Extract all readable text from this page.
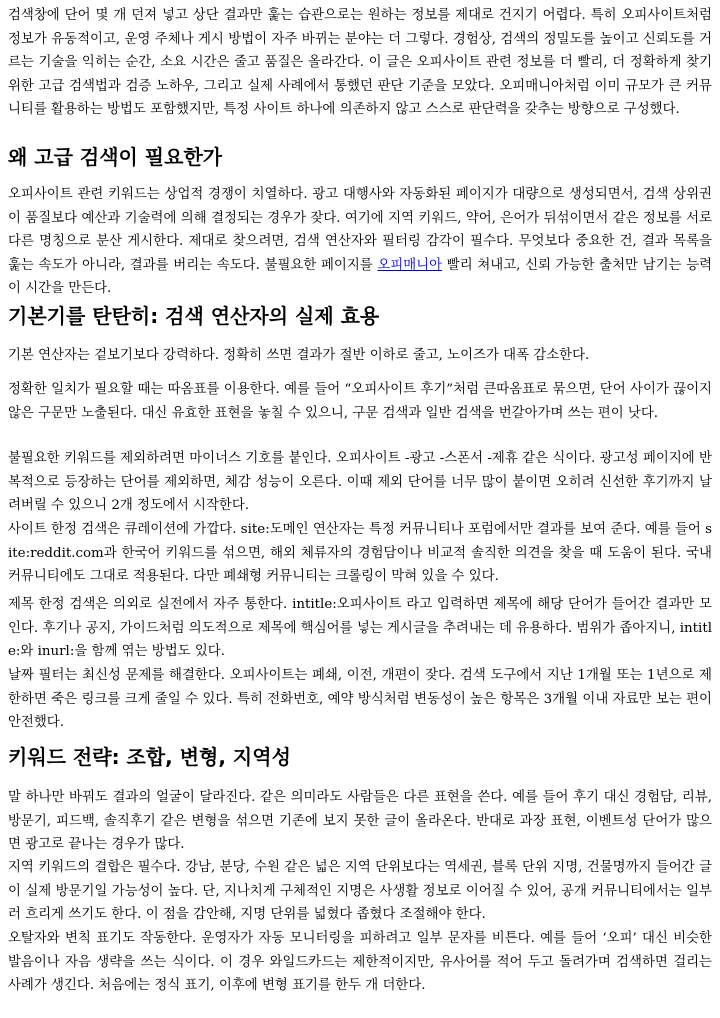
검색창에 단어 몇 개 던져 넣고 상단 결과만 훑는 습관으로는 원하는 정보를 제대로 건지기 어렵다. 특히 오피사이트처럼 정보가 유동적이고, 운영 주체나 게시 방법이 자주 바뀌는 분야는 더 그렇다. 경험상, 검색의 정밀도를 높이고 신뢰도를 거르는 기술을 익히는 순간, 소요 시간은 줄고 품질은 올라간다. 이 글은 오피사이트 관련 정보를 더 빨리, 더 정확하게 찾기 위한 고급 검색법과 검증 노하우, 그리고 실제 사례에서 통했던 판단 기준을 모았다. 오피매니아처럼 이미 규모가 큰 커뮤니티를 활용하는 방법도 포함했지만, 특정 사이트 하나에 의존하지 않고 스스로 판단력을 갖추는 방향으로 구성했다.

왜 고급 검색이 필요한가

오피사이트 관련 키워드는 상업적 경쟁이 치열하다. 광고 대행사와 자동화된 페이지가 대량으로 생성되면서, 검색 상위권이 품질보다 예산과 기술력에 의해 결정되는 경우가 잦다. 여기에 지역 키워드, 약어, 은어가 뒤섞이면서 같은 정보를 서로 다른 명칭으로 분산 게시한다. 제대로 찾으려면, 검색 연산자와 필터링 감각이 필수다. 무엇보다 중요한 건, 결과 목록을 훑는 속도가 아니라, 결과를 버리는 속도다. 불필요한 페이지를 오피매니아 빨리 쳐내고, 신뢰 가능한 출처만 남기는 능력이 시간을 만든다.

기본기를 탄탄히: 검색 연산자의 실제 효용

기본 연산자는 겉보기보다 강력하다. 정확히 쓰면 결과가 절반 이하로 줄고, 노이즈가 대폭 감소한다.

정확한 일치가 필요할 때는 따옴표를 이용한다. 예를 들어 “오피사이트 후기”처럼 큰따옴표로 묶으면, 단어 사이가 끊이지 않은 구문만 노출된다. 대신 유효한 표현을 놓칠 수 있으니, 구문 검색과 일반 검색을 번갈아가며 쓰는 편이 낫다.

불필요한 키워드를 제외하려면 마이너스 기호를 붙인다. 오피사이트 -광고 -스폰서 -제휴 같은 식이다. 광고성 페이지에 반복적으로 등장하는 단어를 제외하면, 체감 성능이 오른다. 이때 제외 단어를 너무 많이 붙이면 오히려 신선한 후기까지 날려버릴 수 있으니 2개 정도에서 시작한다.

사이트 한정 검색은 큐레이션에 가깝다. site:도메인 연산자는 특정 커뮤니티나 포럼에서만 결과를 보여 준다. 예를 들어 site:reddit.com과 한국어 키워드를 섞으면, 해외 체류자의 경험담이나 비교적 솔직한 의견을 찾을 때 도움이 된다. 국내 커뮤니티에도 그대로 적용된다. 다만 폐쇄형 커뮤니티는 크롤링이 막혀 있을 수 있다.

제목 한정 검색은 의외로 실전에서 자주 통한다. intitle:오피사이트 라고 입력하면 제목에 해당 단어가 들어간 결과만 모인다. 후기나 공지, 가이드처럼 의도적으로 제목에 핵심어를 넣는 게시글을 추려내는 데 유용하다. 범위가 좁아지니, intitle:와 inurl:을 함께 엮는 방법도 있다.

날짜 필터는 최신성 문제를 해결한다. 오피사이트는 폐쇄, 이전, 개편이 잦다. 검색 도구에서 지난 1개월 또는 1년으로 제한하면 죽은 링크를 크게 줄일 수 있다. 특히 전화번호, 예약 방식처럼 변동성이 높은 항목은 3개월 이내 자료만 보는 편이 안전했다.

키워드 전략: 조합, 변형, 지역성

말 하나만 바꿔도 결과의 얼굴이 달라진다. 같은 의미라도 사람들은 다른 표현을 쓴다. 예를 들어 후기 대신 경험담, 리뷰, 방문기, 피드백, 솔직후기 같은 변형을 섞으면 기존에 보지 못한 글이 올라온다. 반대로 과장 표현, 이벤트성 단어가 많으면 광고로 끝나는 경우가 많다.

지역 키워드의 결합은 필수다. 강남, 분당, 수원 같은 넓은 지역 단위보다는 역세권, 블록 단위 지명, 건물명까지 들어간 글이 실제 방문기일 가능성이 높다. 단, 지나치게 구체적인 지명은 사생활 정보로 이어질 수 있어, 공개 커뮤니티에서는 일부러 흐리게 쓰기도 한다. 이 점을 감안해, 지명 단위를 넓혔다 좁혔다 조절해야 한다.

오탈자와 변칙 표기도 작동한다. 운영자가 자동 모니터링을 피하려고 일부 문자를 비튼다. 예를 들어 ‘오피’ 대신 비슷한 발음이나 자음 생략을 쓰는 식이다. 이 경우 와일드카드는 제한적이지만, 유사어를 적어 두고 돌려가며 검색하면 걸리는 사례가 생긴다. 처음에는 정식 표기, 이후에 변형 표기를 한두 개 더한다.
